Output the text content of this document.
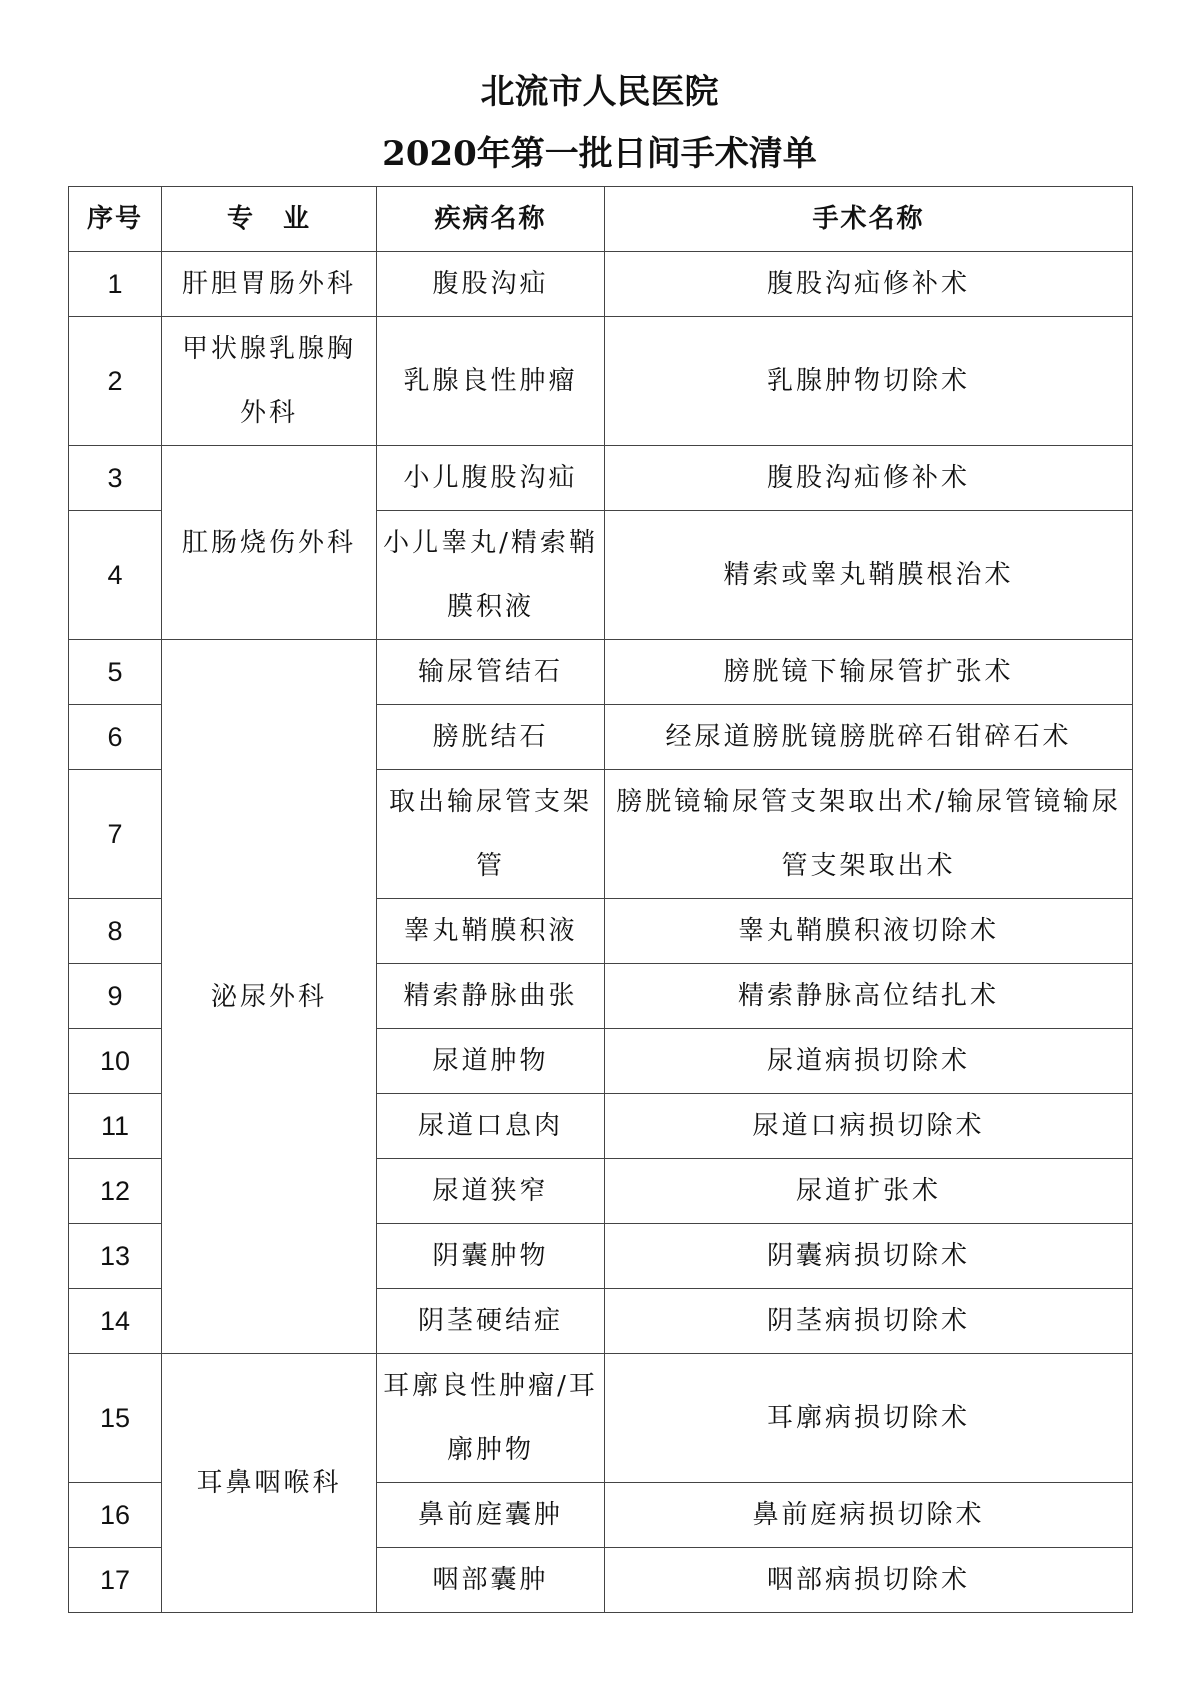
北流市人民医院
2020年第一批日间手术清单
序号	专　业	疾病名称	手术名称
1	肝胆胃肠外科	腹股沟疝	腹股沟疝修补术
2	甲状腺乳腺胸外科	乳腺良性肿瘤	乳腺肿物切除术
3	肛肠烧伤外科	小儿腹股沟疝	腹股沟疝修补术
4		小儿睾丸/精索鞘膜积液	精索或睾丸鞘膜根治术
5	泌尿外科	输尿管结石	膀胱镜下输尿管扩张术
6		膀胱结石	经尿道膀胱镜膀胱碎石钳碎石术
7		取出输尿管支架管	膀胱镜输尿管支架取出术/输尿管镜输尿管支架取出术
8		睾丸鞘膜积液	睾丸鞘膜积液切除术
9		精索静脉曲张	精索静脉高位结扎术
10		尿道肿物	尿道病损切除术
11		尿道口息肉	尿道口病损切除术
12		尿道狭窄	尿道扩张术
13		阴囊肿物	阴囊病损切除术
14		阴茎硬结症	阴茎病损切除术
15	耳鼻咽喉科	耳廓良性肿瘤/耳廓肿物	耳廓病损切除术
16		鼻前庭囊肿	鼻前庭病损切除术
17		咽部囊肿	咽部病损切除术
